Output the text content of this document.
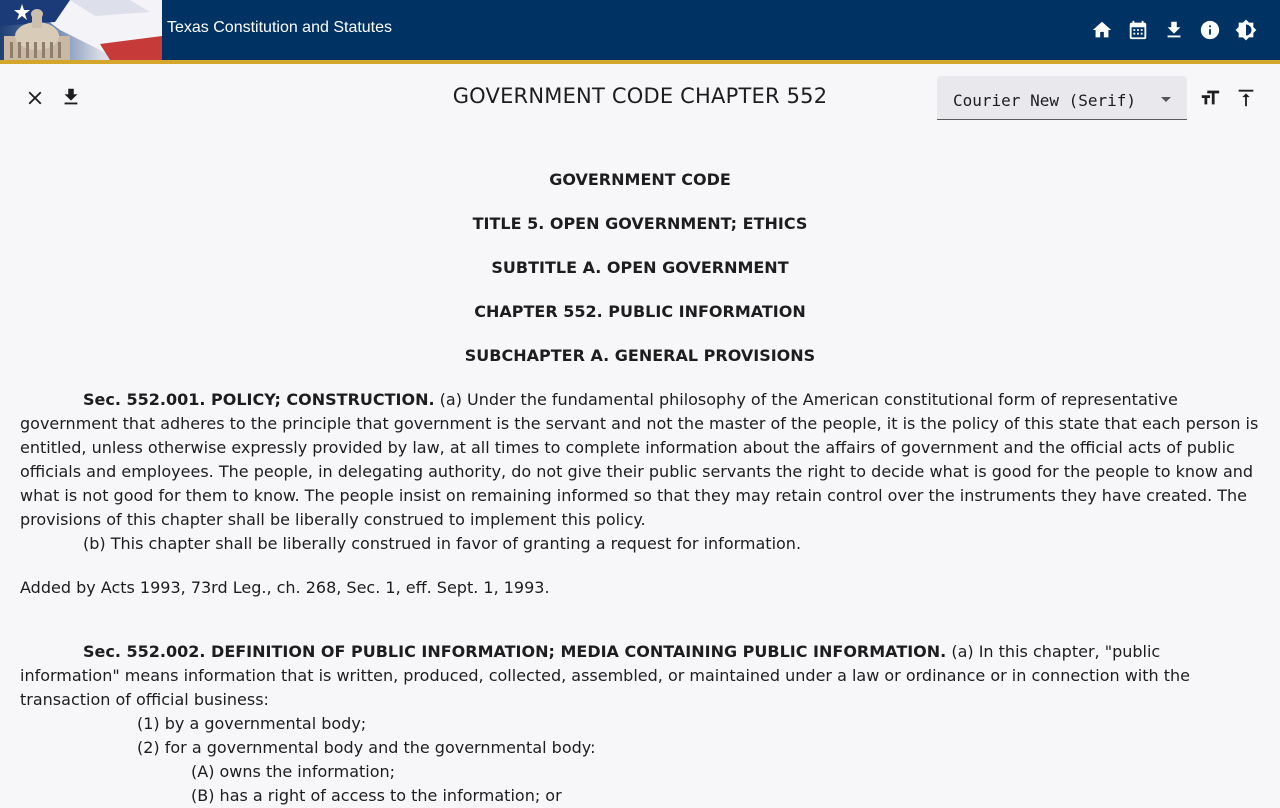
Texas Constitution and Statutes
GOVERNMENT CODE CHAPTER 552	Courier New (Serif)
GOVERNMENT CODE
TITLE 5. OPEN GOVERNMENT; ETHICS
SUBTITLE A. OPEN GOVERNMENT
CHAPTER 552. PUBLIC INFORMATION
SUBCHAPTER A. GENERAL PROVISIONS

Sec. 552.001. POLICY; CONSTRUCTION. (a) Under the fundamental philosophy of the American constitutional form of representative government that adheres to the principle that government is the servant and not the master of the people, it is the policy of this state that each person is entitled, unless otherwise expressly provided by law, at all times to complete information about the affairs of government and the official acts of public officials and employees. The people, in delegating authority, do not give their public servants the right to decide what is good for the people to know and what is not good for them to know. The people insist on remaining informed so that they may retain control over the instruments they have created. The provisions of this chapter shall be liberally construed to implement this policy.

(b) This chapter shall be liberally construed in favor of granting a request for information.

Added by Acts 1993, 73rd Leg., ch. 268, Sec. 1, eff. Sept. 1, 1993.

Sec. 552.002. DEFINITION OF PUBLIC INFORMATION; MEDIA CONTAINING PUBLIC INFORMATION. (a) In this chapter, "public information" means information that is written, produced, collected, assembled, or maintained under a law or ordinance or in connection with the transaction of official business:

(1) by a governmental body;

(2) for a governmental body and the governmental body:

(A) owns the information;

(B) has a right of access to the information; or
